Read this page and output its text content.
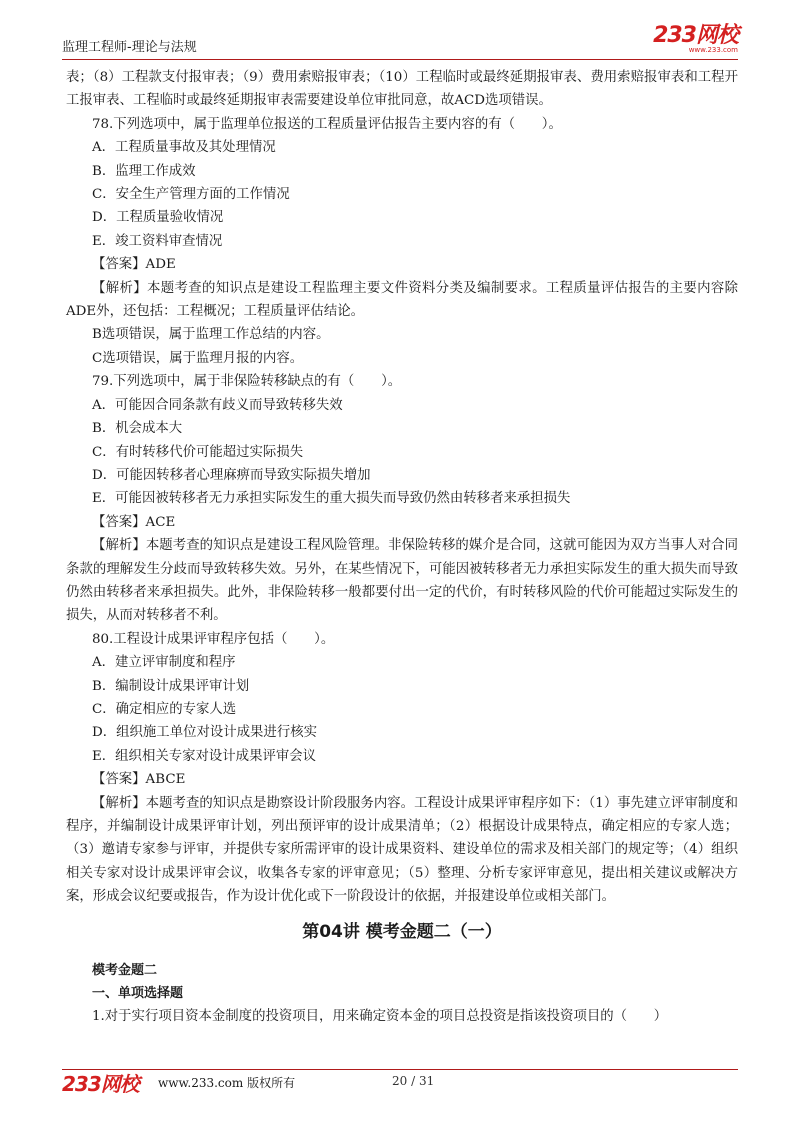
监理工程师-理论与法规	233网校
www.233.com

表；（8）工程款支付报审表；（9）费用索赔报审表；（10）工程临时或最终延期报审表、费用索赔报审表和工程开工报审表、工程临时或最终延期报审表需要建设单位审批同意，故ACD选项错误。

78.下列选项中，属于监理单位报送的工程质量评估报告主要内容的有（　　）。

A．工程质量事故及其处理情况

B．监理工作成效

C．安全生产管理方面的工作情况

D．工程质量验收情况

E．竣工资料审查情况

【答案】ADE

【解析】本题考查的知识点是建设工程监理主要文件资料分类及编制要求。工程质量评估报告的主要内容除ADE外，还包括：工程概况；工程质量评估结论。

B选项错误，属于监理工作总结的内容。

C选项错误，属于监理月报的内容。

79.下列选项中，属于非保险转移缺点的有（　　）。

A．可能因合同条款有歧义而导致转移失效

B．机会成本大

C．有时转移代价可能超过实际损失

D．可能因转移者心理麻痹而导致实际损失增加

E．可能因被转移者无力承担实际发生的重大损失而导致仍然由转移者来承担损失

【答案】ACE

【解析】本题考查的知识点是建设工程风险管理。非保险转移的媒介是合同，这就可能因为双方当事人对合同条款的理解发生分歧而导致转移失效。另外，在某些情况下，可能因被转移者无力承担实际发生的重大损失而导致仍然由转移者来承担损失。此外，非保险转移一般都要付出一定的代价，有时转移风险的代价可能超过实际发生的损失，从而对转移者不利。

80.工程设计成果评审程序包括（　　）。

A．建立评审制度和程序

B．编制设计成果评审计划

C．确定相应的专家人选

D．组织施工单位对设计成果进行核实

E．组织相关专家对设计成果评审会议

【答案】ABCE

【解析】本题考查的知识点是勘察设计阶段服务内容。工程设计成果评审程序如下：（1）事先建立评审制度和程序，并编制设计成果评审计划，列出预评审的设计成果清单；（2）根据设计成果特点，确定相应的专家人选；（3）邀请专家参与评审，并提供专家所需评审的设计成果资料、建设单位的需求及相关部门的规定等；（4）组织相关专家对设计成果评审会议，收集各专家的评审意见；（5）整理、分析专家评审意见，提出相关建议或解决方案，形成会议纪要或报告，作为设计优化或下一阶段设计的依据，并报建设单位或相关部门。

第04讲 模考金题二（一）

模考金题二

一、单项选择题

1.对于实行项目资本金制度的投资项目，用来确定资本金的项目总投资是指该投资项目的（　　）

233网校 www.233.com 版权所有	20 / 31
